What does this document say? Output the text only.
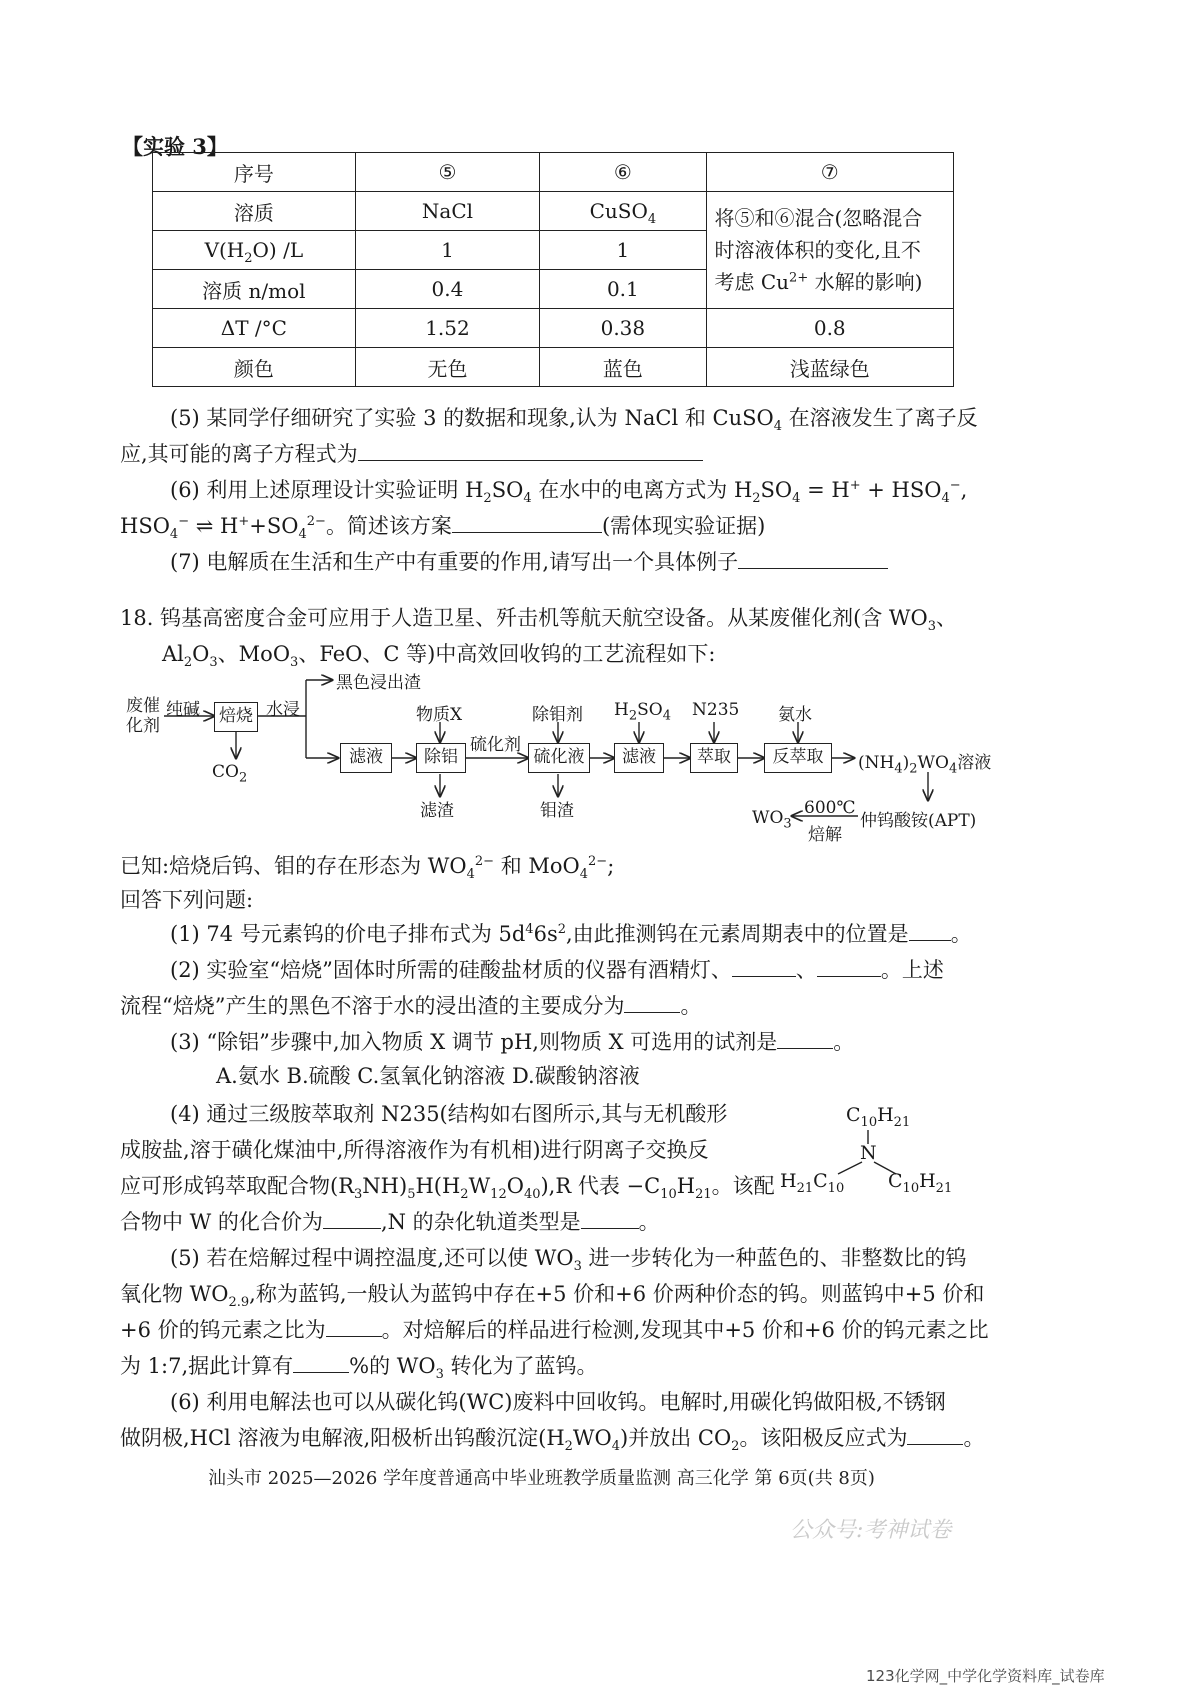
【实验 3】
序号	⑤	⑥	⑦
溶质	NaCl	CuSO$_4$	将⑤和⑥混合(忽略混合
时溶液体积的变化,且不
考虑 $Cu^{2+}$ 水解的影响)
$V(H_2O)$ /L	1	1	
溶质 n/mol	0.4	0.1	
ΔT /°C	1.52	0.38	0.8
颜色	无色	蓝色	浅蓝绿色
(5) 某同学仔细研究了实验 3 的数据和现象,认为 NaCl 和 CuSO$_4$ 在溶液发生了离子反
应,其可能的离子方程式为
(6) 利用上述原理设计实验证明 $H_2SO_4$ 在水中的电离方式为 $H_2SO_4 = H^+ + HSO_4^-$,
$HSO_4^-$ ⇌ $H^++SO_4^{2-}$。简述该方案	(需体现实验证据)
(7) 电解质在生活和生产中有重要的作用,请写出一个具体例子
18. 钨基高密度合金可应用于人造卫星、歼击机等航天航空设备。从某废催化剂(含 $WO_3$、
$Al_2O_3$、MoO$_3$、FeO、C 等)中高效回收钨的工艺流程如下:
焙烧
滤液	除铝	硫化液	滤液	萃取	反萃取
废催
化剂
纯碱
$CO_2$
水浸
黑色浸出渣
物质X
滤渣
硫化剂
除钼剂
钼渣
$H_2SO_4$ N235 氨水
$(NH_4)_2WO_4$溶液
仲钨酸铵(APT)
600℃
焙解
$WO_3$
已知:焙烧后钨、钼的存在形态为 $WO_4^{2-}$ 和 MoO$_4^{2-}$;
回答下列问题:
(1) 74 号元素钨的价电子排布式为 $5d^46s^2$,由此推测钨在元素周期表中的位置是 。
(2) 实验室“焙烧”固体时所需的硅酸盐材质的仪器有酒精灯、	、	。上述
流程“焙烧”产生的黑色不溶于水的浸出渣的主要成分为	。
(3) “除铝”步骤中,加入物质 X 调节 pH,则物质 X 可选用的试剂是	。
A.氨水 B.硫酸 C.氢氧化钠溶液 D.碳酸钠溶液
(4) 通过三级胺萃取剂 N235(结构如右图所示,其与无机酸形
成胺盐,溶于磺化煤油中,所得溶液作为有机相)进行阴离子交换反
应可形成钨萃取配合物$(R_3NH)_5H(H_2W_{12}O_{40}),R$ 代表 $-C_{10}H_{21}$。该配
合物中 W 的化合价为	,N 的杂化轨道类型是	。
$C_{10}H_{21}$
N
$H_{21}C_{10}$ $C_{10}H_{21}$
(5) 若在焙解过程中调控温度,还可以使 $WO_3$ 进一步转化为一种蓝色的、非整数比的钨
氧化物 $WO_{2.9}$,称为蓝钨,一般认为蓝钨中存在+5 价和+6 价两种价态的钨。则蓝钨中+5 价和
+6 价的钨元素之比为	。对焙解后的样品进行检测,发现其中+5 价和+6 价的钨元素之比
为 1:7,据此计算有	%的 $WO_3$ 转化为了蓝钨。
(6) 利用电解法也可以从碳化钨(WC)废料中回收钨。电解时,用碳化钨做阳极,不锈钢
做阴极,HCl 溶液为电解液,阳极析出钨酸沉淀$(H_2WO_4)$并放出 $CO_2$。该阳极反应式为	。
汕头市 2025—2026 学年度普通高中毕业班教学质量监测 高三化学 第 6页(共 8页)
公众号:考神试卷
123化学网_中学化学资料库_试卷库
